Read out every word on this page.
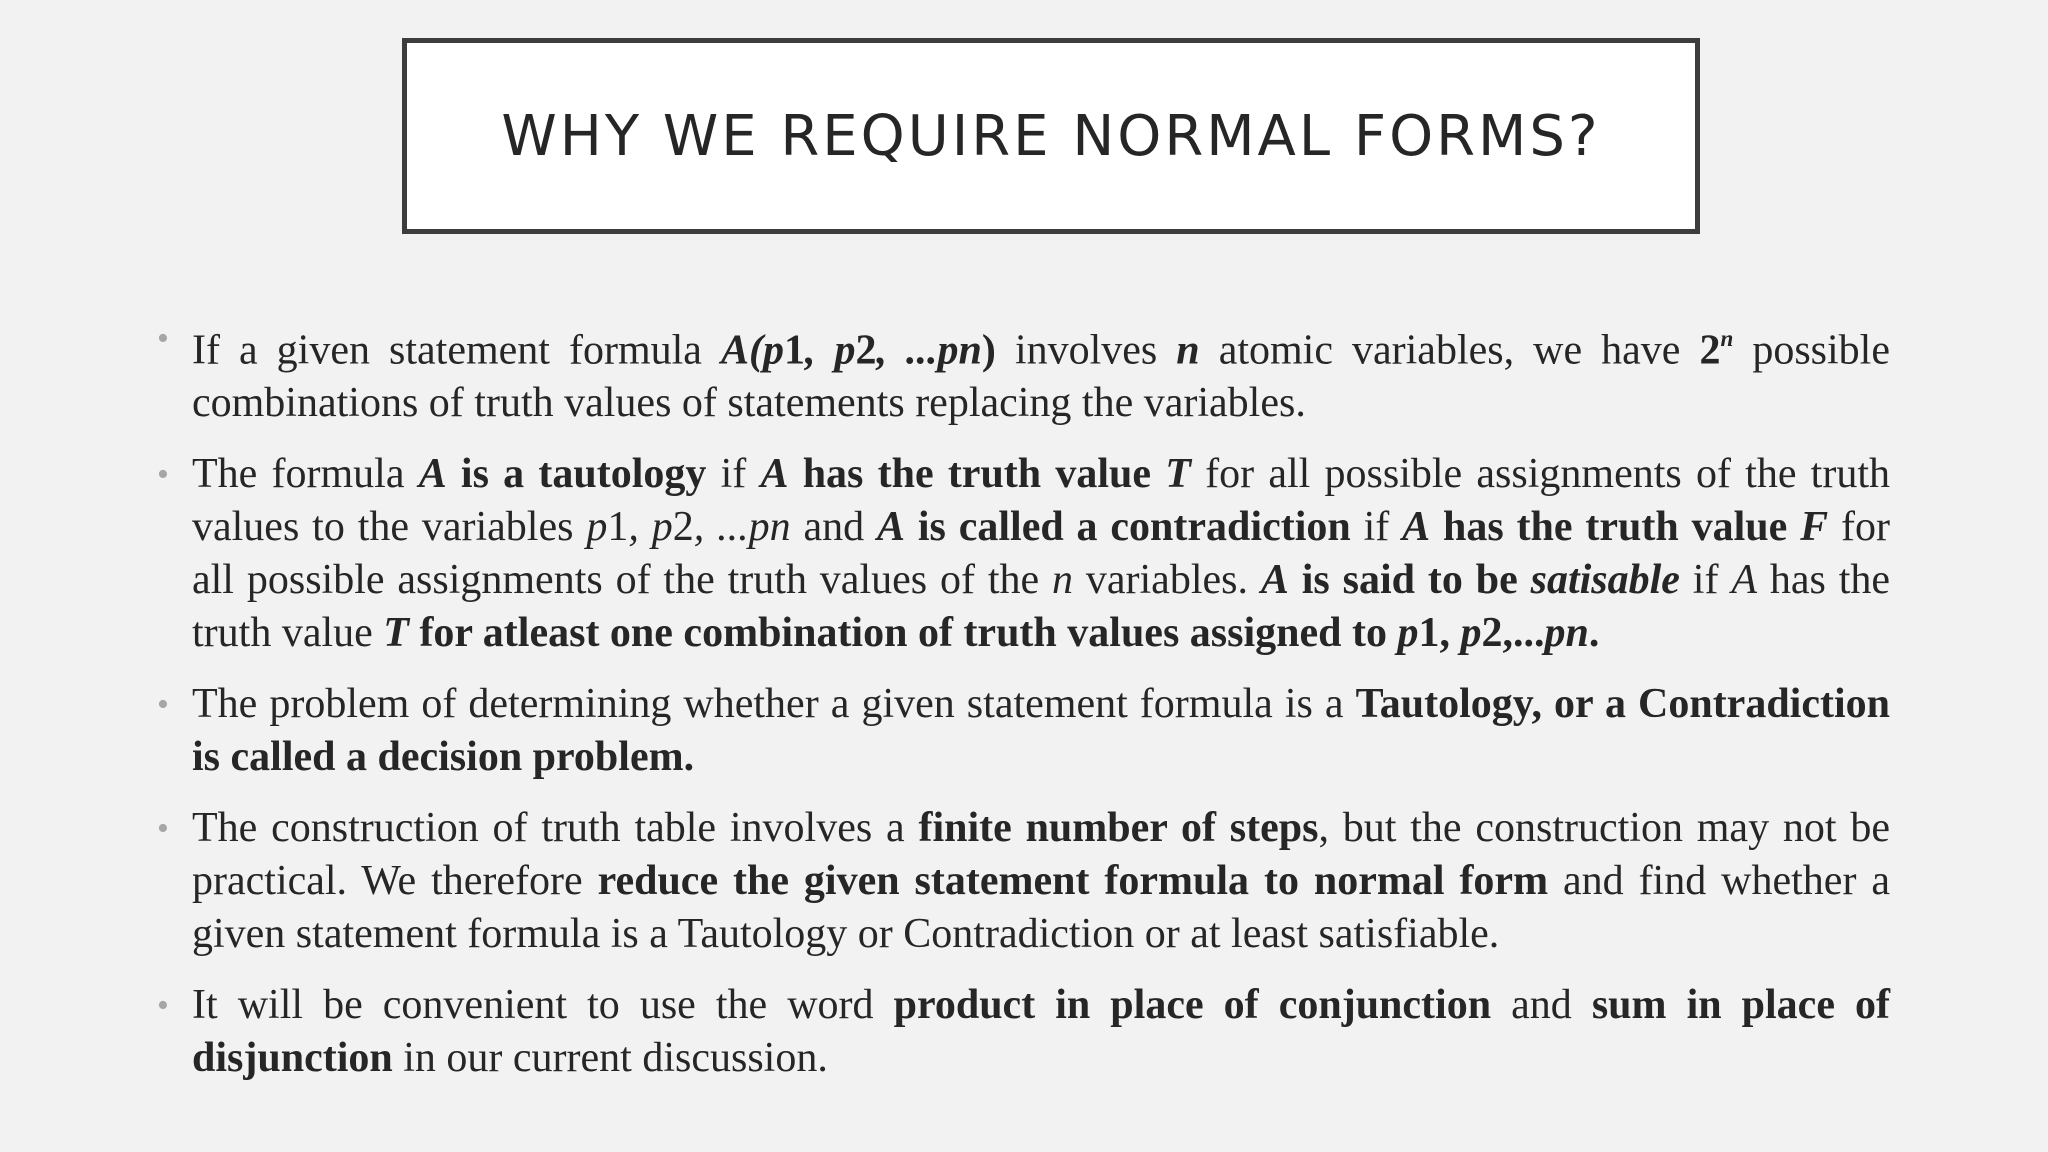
WHY WE REQUIRE NORMAL FORMS?
• If a given statement formula A(p1, p2, ...pn) involves n atomic variables, we have 2$^n$ possible combinations of truth values of statements replacing the variables.
• The formula A is a tautology if A has the truth value T for all possible assignments of the truth values to the variables p1, p2, ...pn and A is called a contradiction if A has the truth value F for all possible assignments of the truth values of the n variables. A is said to be satisable if A has the truth value T for atleast one combination of truth values assigned to p1, p2,...pn.
• The problem of determining whether a given statement formula is a Tautology, or a Contradiction is called a decision problem.
• The construction of truth table involves a finite number of steps, but the construction may not be practical. We therefore reduce the given statement formula to normal form and find whether a given statement formula is a Tautology or Contradiction or at least satisfiable.
• It will be convenient to use the word product in place of conjunction and sum in place of disjunction in our current discussion.
